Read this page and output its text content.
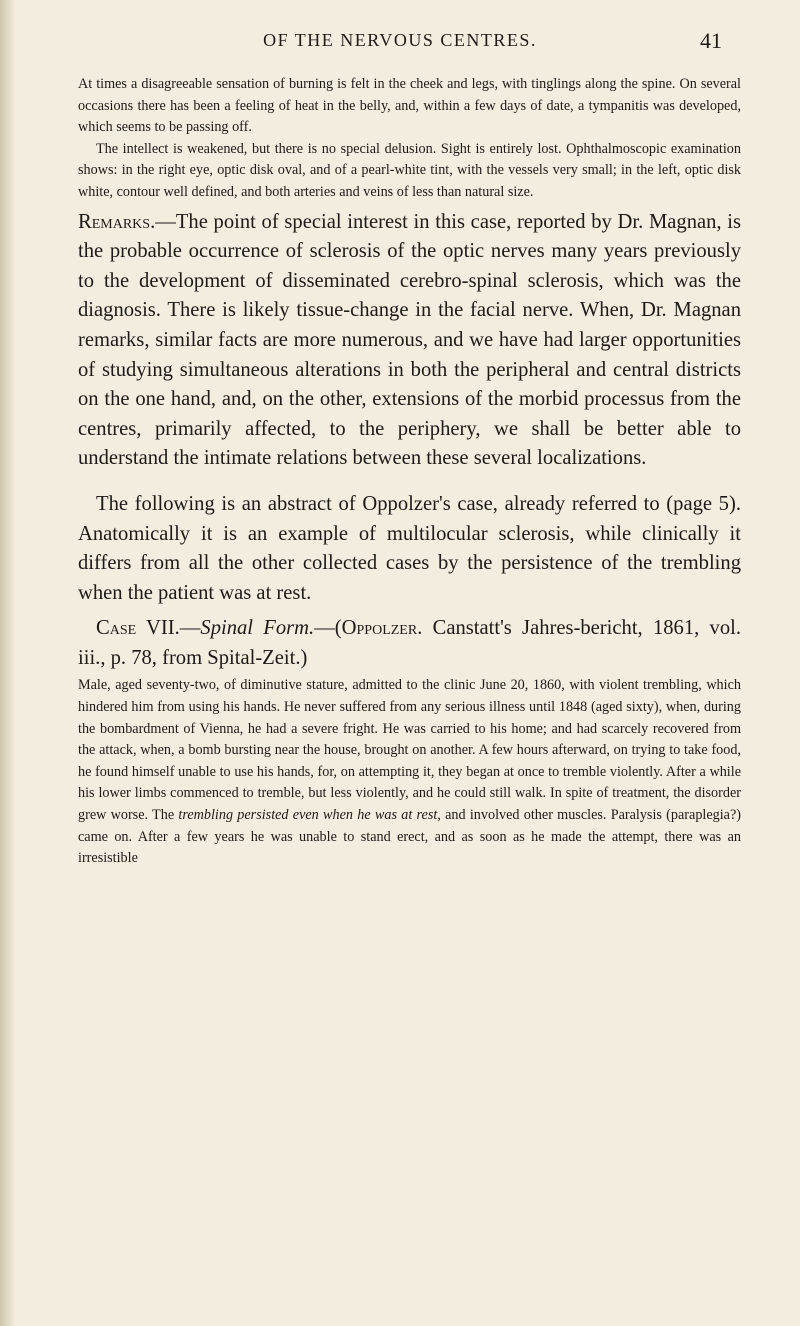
OF THE NERVOUS CENTRES.	41

At times a disagreeable sensation of burning is felt in the cheek and legs, with tinglings along the spine. On several occasions there has been a feeling of heat in the belly, and, within a few days of date, a tympanitis was developed, which seems to be passing off.

The intellect is weakened, but there is no special delusion. Sight is entirely lost. Ophthalmoscopic examination shows: in the right eye, optic disk oval, and of a pearl-white tint, with the vessels very small; in the left, optic disk white, contour well defined, and both arteries and veins of less than natural size.

Remarks.—The point of special interest in this case, reported by Dr. Magnan, is the probable occurrence of sclerosis of the optic nerves many years previously to the development of disseminated cerebro-spinal sclerosis, which was the diagnosis. There is likely tissue-change in the facial nerve. When, Dr. Magnan remarks, similar facts are more numerous, and we have had larger opportunities of studying simultaneous alterations in both the peripheral and central districts on the one hand, and, on the other, extensions of the morbid processus from the centres, primarily affected, to the periphery, we shall be better able to understand the intimate relations between these several localizations.

The following is an abstract of Oppolzer's case, already referred to (page 5). Anatomically it is an example of multilocular sclerosis, while clinically it differs from all the other collected cases by the persistence of the trembling when the patient was at rest.

Case VII.—Spinal Form.—(Oppolzer. Canstatt's Jahres-bericht, 1861, vol. iii., p. 78, from Spital-Zeit.)

Male, aged seventy-two, of diminutive stature, admitted to the clinic June 20, 1860, with violent trembling, which hindered him from using his hands. He never suffered from any serious illness until 1848 (aged sixty), when, during the bombardment of Vienna, he had a severe fright. He was carried to his home; and had scarcely recovered from the attack, when, a bomb bursting near the house, brought on another. A few hours afterward, on trying to take food, he found himself unable to use his hands, for, on attempting it, they began at once to tremble violently. After a while his lower limbs commenced to tremble, but less violently, and he could still walk. In spite of treatment, the disorder grew worse. The trembling persisted even when he was at rest, and involved other muscles. Paralysis (paraplegia?) came on. After a few years he was unable to stand erect, and as soon as he made the attempt, there was an irresistible
